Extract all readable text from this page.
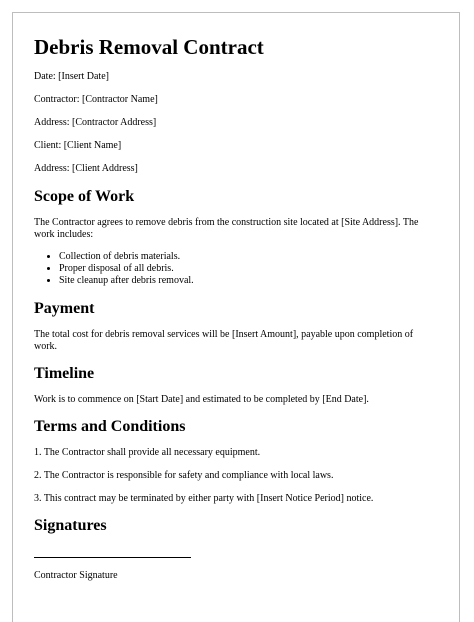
Debris Removal Contract

Date: [Insert Date]

Contractor: [Contractor Name]

Address: [Contractor Address]

Client: [Client Name]

Address: [Client Address]

Scope of Work

The Contractor agrees to remove debris from the construction site located at [Site Address]. The work includes:

• Collection of debris materials.
• Proper disposal of all debris.
• Site cleanup after debris removal.
Payment

The total cost for debris removal services will be [Insert Amount], payable upon completion of work.

Timeline

Work is to commence on [Start Date] and estimated to be completed by [End Date].

Terms and Conditions

1. The Contractor shall provide all necessary equipment.

2. The Contractor is responsible for safety and compliance with local laws.

3. This contract may be terminated by either party with [Insert Notice Period] notice.

Signatures

Contractor Signature
